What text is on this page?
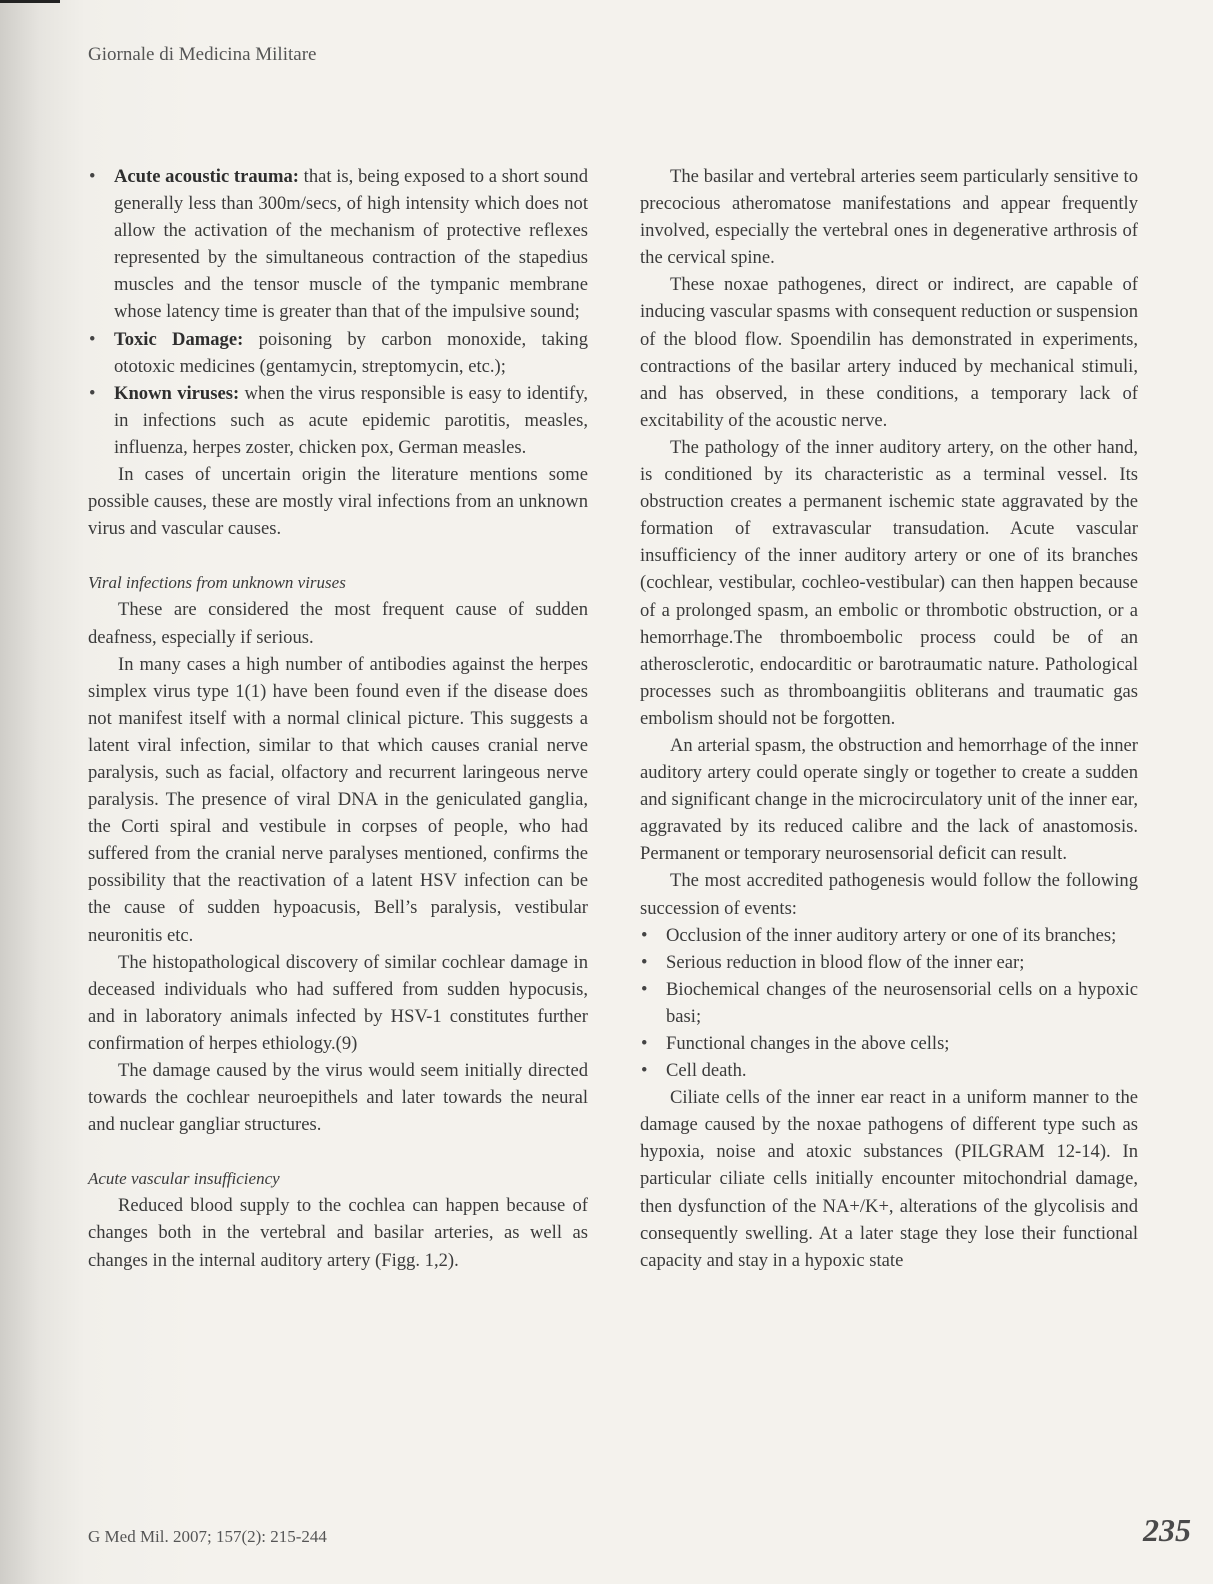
Giornale di Medicina Militare
• Acute acoustic trauma: that is, being exposed to a short sound generally less than 300m/secs, of high intensity which does not allow the activation of the mechanism of protective reflexes represented by the simultaneous contraction of the stapedius muscles and the tensor muscle of the tympanic membrane whose latency time is greater than that of the impulsive sound;
• Toxic Damage: poisoning by carbon monoxide, taking ototoxic medicines (gentamycin, streptomycin, etc.);
• Known viruses: when the virus responsible is easy to identify, in infections such as acute epidemic parotitis, measles, influenza, herpes zoster, chicken pox, German measles.

In cases of uncertain origin the literature mentions some possible causes, these are mostly viral infections from an unknown virus and vascular causes.

Viral infections from unknown viruses

These are considered the most frequent cause of sudden deafness, especially if serious.

In many cases a high number of antibodies against the herpes simplex virus type 1(1) have been found even if the disease does not manifest itself with a normal clinical picture. This suggests a latent viral infection, similar to that which causes cranial nerve paralysis, such as facial, olfactory and recurrent laringeous nerve paralysis. The presence of viral DNA in the geniculated ganglia, the Corti spiral and vestibule in corpses of people, who had suffered from the cranial nerve paralyses mentioned, confirms the possibility that the reactivation of a latent HSV infection can be the cause of sudden hypoacusis, Bell’s paralysis, vestibular neuronitis etc.

The histopathological discovery of similar cochlear damage in deceased individuals who had suffered from sudden hypocusis, and in laboratory animals infected by HSV-1 constitutes further confirmation of herpes ethiology.(9)

The damage caused by the virus would seem initially directed towards the cochlear neuroepithels and later towards the neural and nuclear gangliar structures.

Acute vascular insufficiency

Reduced blood supply to the cochlea can happen because of changes both in the vertebral and basilar arteries, as well as changes in the internal auditory artery (Figg. 1,2).

The basilar and vertebral arteries seem particularly sensitive to precocious atheromatose manifestations and appear frequently involved, especially the vertebral ones in degenerative arthrosis of the cervical spine.

These noxae pathogenes, direct or indirect, are capable of inducing vascular spasms with consequent reduction or suspension of the blood flow. Spoendilin has demonstrated in experiments, contractions of the basilar artery induced by mechanical stimuli, and has observed, in these conditions, a temporary lack of excitability of the acoustic nerve.

The pathology of the inner auditory artery, on the other hand, is conditioned by its characteristic as a terminal vessel. Its obstruction creates a permanent ischemic state aggravated by the formation of extravascular transudation. Acute vascular insufficiency of the inner auditory artery or one of its branches (cochlear, vestibular, cochleo-vestibular) can then happen because of a prolonged spasm, an embolic or thrombotic obstruction, or a hemorrhage.The thromboembolic process could be of an atherosclerotic, endocarditic or barotraumatic nature. Pathological processes such as thromboangiitis obliterans and traumatic gas embolism should not be forgotten.

An arterial spasm, the obstruction and hemorrhage of the inner auditory artery could operate singly or together to create a sudden and significant change in the microcirculatory unit of the inner ear, aggravated by its reduced calibre and the lack of anastomosis. Permanent or temporary neurosensorial deficit can result.

The most accredited pathogenesis would follow the following succession of events:

• Occlusion of the inner auditory artery or one of its branches;
• Serious reduction in blood flow of the inner ear;
• Biochemical changes of the neurosensorial cells on a hypoxic basi;
• Functional changes in the above cells;
• Cell death.

Ciliate cells of the inner ear react in a uniform manner to the damage caused by the noxae pathogens of different type such as hypoxia, noise and atoxic substances (PILGRAM 12-14). In particular ciliate cells initially encounter mitochondrial damage, then dysfunction of the NA+/K+, alterations of the glycolisis and consequently swelling. At a later stage they lose their functional capacity and stay in a hypoxic state

G Med Mil. 2007; 157(2): 215-244	235
